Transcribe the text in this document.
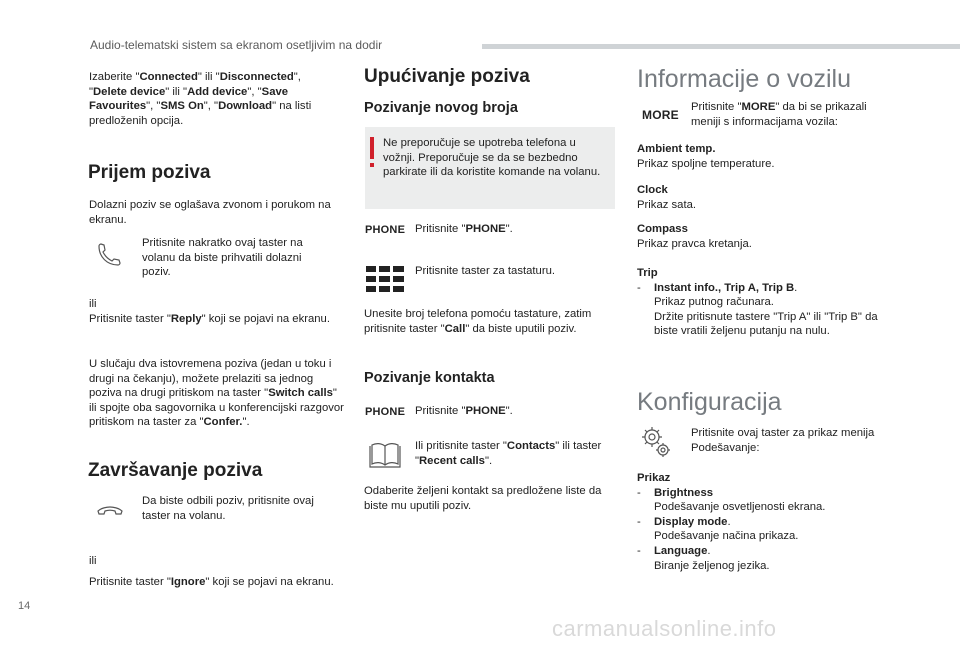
Audio-telematski sistem sa ekranom osetljivim na dodir
Izaberite "Connected" ili "Disconnected",
"Delete device" ili "Add device", "Save Favourites", "SMS On", "Download" na listi predloženih opcija.
Prijem poziva
Dolazni poziv se oglašava zvonom i porukom na ekranu.
Pritisnite nakratko ovaj taster na volanu da biste prihvatili dolazni poziv.
ili
Pritisnite taster "Reply" koji se pojavi na ekranu.
U slučaju dva istovremena poziva (jedan u toku i drugi na čekanju), možete prelaziti sa jednog poziva na drugi pritiskom na taster "Switch calls" ili spojte oba sagovornika u konferencijski razgovor pritiskom na taster za "Confer.".
Završavanje poziva
Da biste odbili poziv, pritisnite ovaj taster na volanu.
ili
Pritisnite taster "Ignore" koji se pojavi na ekranu.
Upućivanje poziva
Pozivanje novog broja
Ne preporučuje se upotreba telefona u vožnji. Preporučuje se da se bezbedno parkirate ili da koristite komande na volanu.
PHONE Pritisnite "PHONE".
Pritisnite taster za tastaturu.
Unesite broj telefona pomoću tastature, zatim pritisnite taster "Call" da biste uputili poziv.
Pozivanje kontakta
PHONE Pritisnite "PHONE".
Ili pritisnite taster "Contacts" ili taster "Recent calls".
Odaberite željeni kontakt sa predložene liste da biste mu uputili poziv.
Informacije o vozilu
MORE
Pritisnite "MORE" da bi se prikazali meniji s informacijama vozila:
Ambient temp.
Prikaz spoljne temperature.
Clock
Prikaz sata.
Compass
Prikaz pravca kretanja.
Trip
- Instant info., Trip A, Trip B.
Prikaz putnog računara.
Držite pritisnute tastere "Trip A" ili "Trip B" da biste vratili željenu putanju na nulu.
Konfiguracija
Pritisnite ovaj taster za prikaz menija Podešavanje:
Prikaz
- Brightness
Podešavanje osvetljenosti ekrana.
- Display mode.
Podešavanje načina prikaza.
- Language.
Biranje željenog jezika.
14
carmanualsonline.info
